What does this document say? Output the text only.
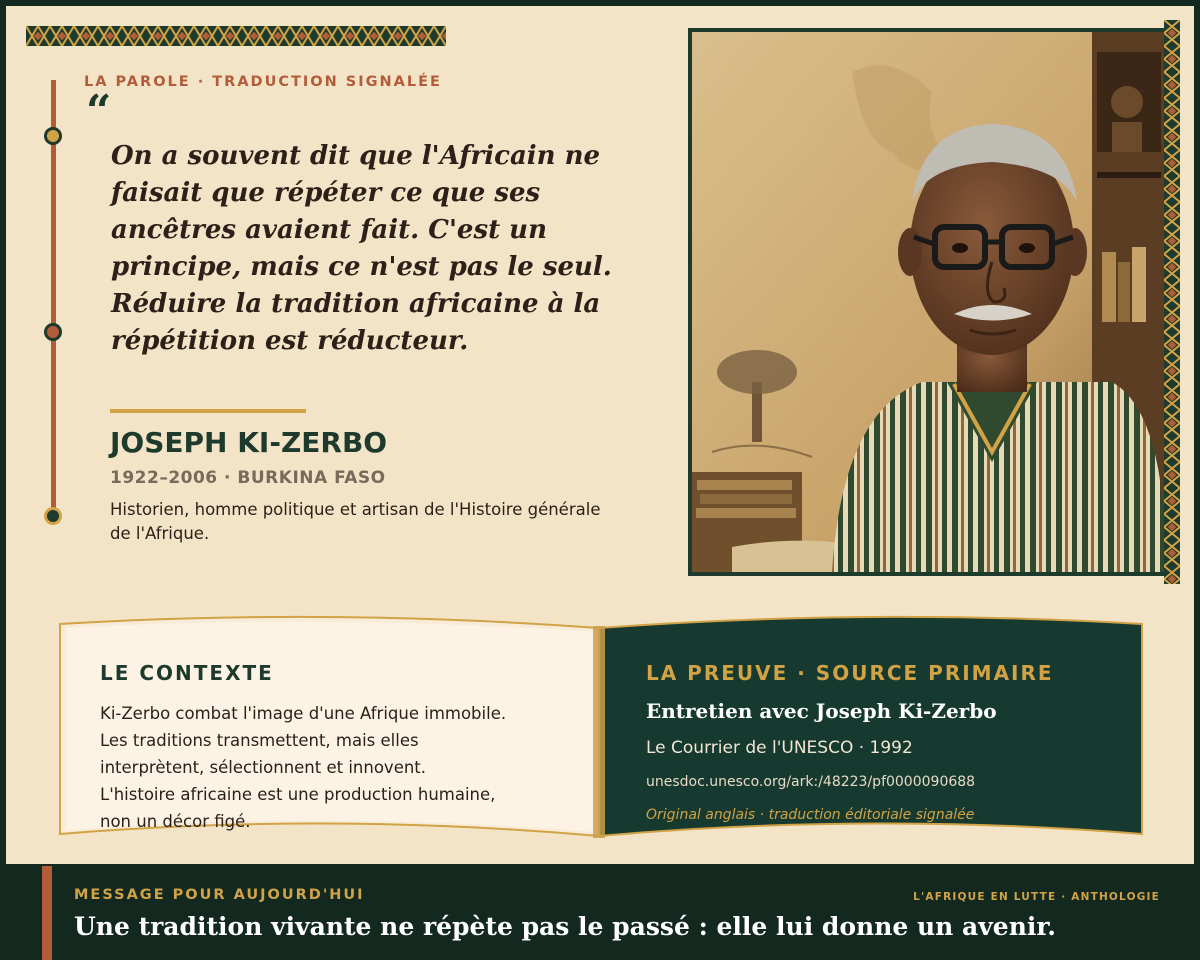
LA PAROLE · TRADUCTION SIGNALÉE
“

On a souvent dit que l'Africain ne faisait que répéter ce que ses ancêtres avaient fait. C'est un principe, mais ce n'est pas le seul. Réduire la tradition africaine à la répétition est réducteur.

JOSEPH KI-ZERBO
1922–2006 · BURKINA FASO

Historien, homme politique et artisan de l'Histoire générale de l'Afrique.

LE CONTEXTE
Ki-Zerbo combat l'image d'une Afrique immobile.
Les traditions transmettent, mais elles
interprètent, sélectionnent et innovent.
L'histoire africaine est une production humaine,
non un décor figé.
LA PREUVE · SOURCE PRIMAIRE
Entretien avec Joseph Ki-Zerbo
Le Courrier de l'UNESCO · 1992
unesdoc.unesco.org/ark:/48223/pf0000090688
Original anglais · traduction éditoriale signalée
MESSAGE POUR AUJOURD'HUI	L'AFRIQUE EN LUTTE · ANTHOLOGIE
Une tradition vivante ne répète pas le passé : elle lui donne un avenir.
